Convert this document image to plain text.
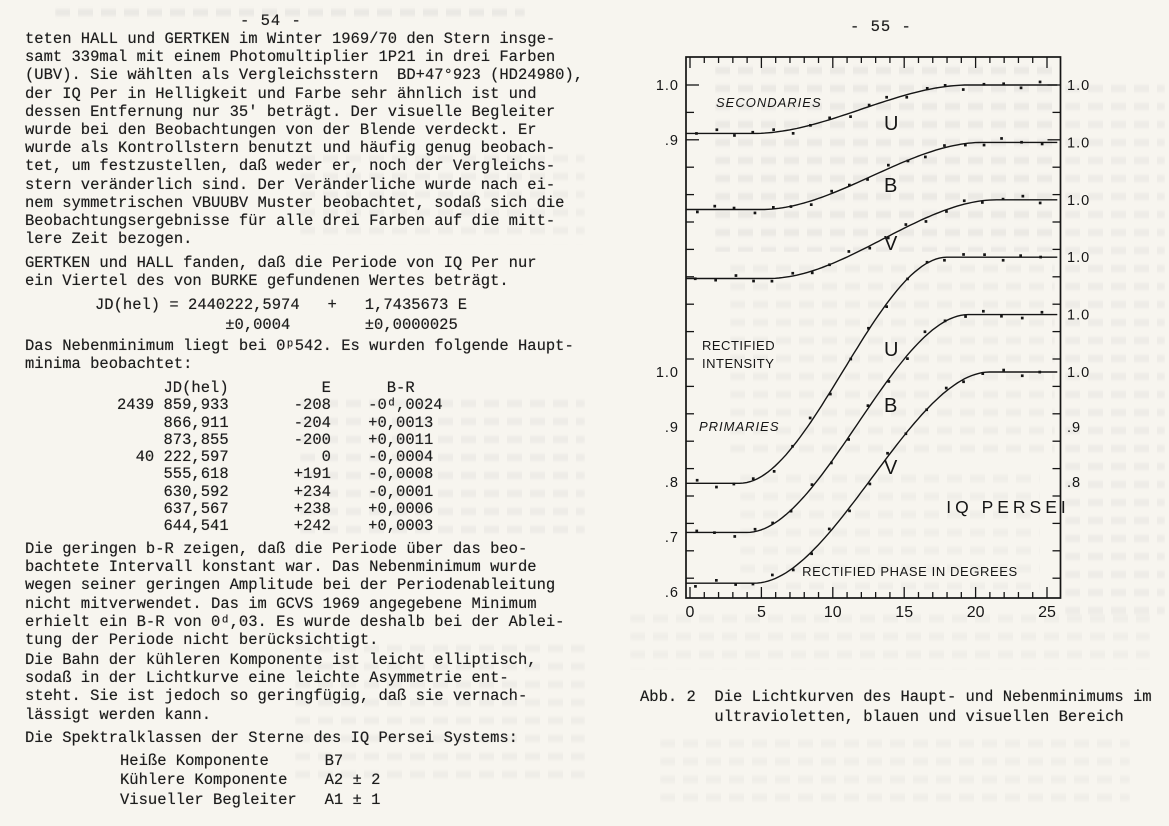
- 54 -
teten HALL und GERTKEN im Winter 1969/70 den Stern insge-
samt 339mal mit einem Photomultiplier 1P21 in drei Farben
(UBV). Sie wählten als Vergleichsstern  BD+47°923 (HD24980),
der IQ Per in Helligkeit und Farbe sehr ähnlich ist und
dessen Entfernung nur 35' beträgt. Der visuelle Begleiter
wurde bei den Beobachtungen von der Blende verdeckt. Er
wurde als Kontrollstern benutzt und häufig genug beobach-
tet, um festzustellen, daß weder er, noch der Vergleichs-
stern veränderlich sind. Der Veränderliche wurde nach ei-
nem symmetrischen VBUUBV Muster beobachtet, sodaß sich die
Beobachtungsergebnisse für alle drei Farben auf die mitt-
lere Zeit bezogen.
GERTKEN und HALL fanden, daß die Periode von IQ Per nur
ein Viertel des von BURKE gefundenen Wertes beträgt.
JD(hel) = 2440222,5974   +   1,7435673 E
±0,0004        ±0,0000025
Das Nebenminimum liegt bei 0ᵖ542. Es wurden folgende Haupt-
minima beobachtet:
JD(hel)          E      B-R
2439 859,933       -208    -0ᵈ,0024
866,911       -204    +0,0013
873,855       -200    +0,0011
40 222,597          0    -0,0004
555,618       +191    -0,0008
630,592       +234    -0,0001
637,567       +238    +0,0006
644,541       +242    +0,0003
Die geringen b-R zeigen, daß die Periode über das beo-
bachtete Intervall konstant war. Das Nebenminimum wurde
wegen seiner geringen Amplitude bei der Periodenableitung
nicht mitverwendet. Das im GCVS 1969 angegebene Minimum
erhielt ein B-R von 0ᵈ,03. Es wurde deshalb bei der Ablei-
tung der Periode nicht berücksichtigt.
Die Bahn der kühleren Komponente ist leicht elliptisch,
sodaß in der Lichtkurve eine leichte Asymmetrie ent-
steht. Sie ist jedoch so geringfügig, daß sie vernach-
lässigt werden kann.
Die Spektralklassen der Sterne des IQ Persei Systems:
Heiße Komponente      B7
Kühlere Komponente    A2 ± 2
Visueller Begleiter   A1 ± 1
- 55 -
Abb. 2  Die Lichtkurven des Haupt- und Nebenminimums im
ultravioletten, blauen und visuellen Bereich
1.0
.9
1.0
.9
.8
.7
.6
1.0
1.0
1.0
1.0
1.0
1.0
.9
.8
0	5	10	15	20	25
U
B
V
U
B
V
SECONDARIES
PRIMARIES
RECTIFIED
INTENSITY
IQ PERSEI
RECTIFIED PHASE IN DEGREES
